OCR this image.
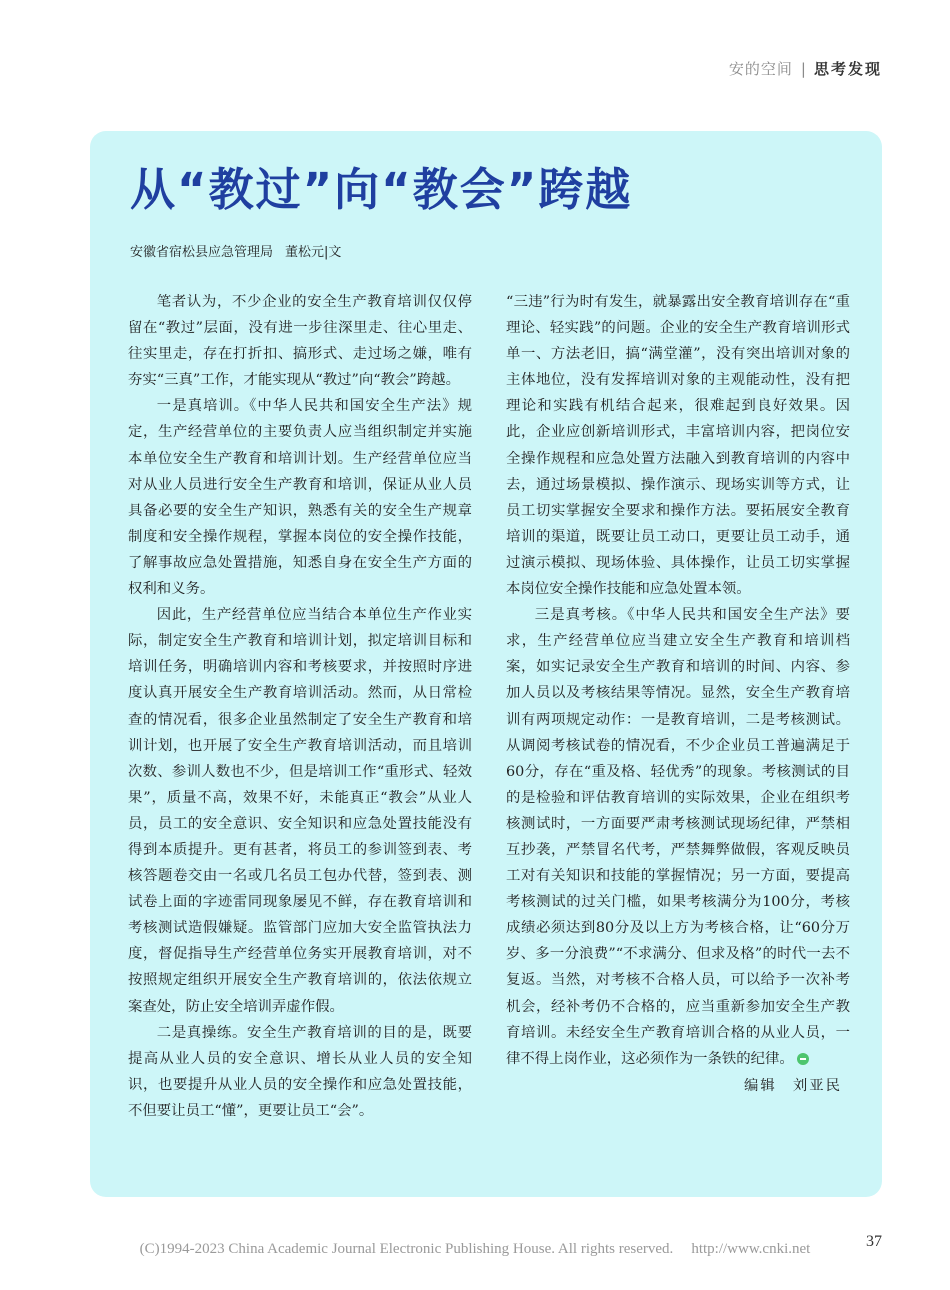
安的空间 | 思考发现
从“教过”向“教会”跨越
安徽省宿松县应急管理局 董松元|文

笔者认为，不少企业的安全生产教育培训仅仅停留在“教过”层面，没有进一步往深里走、往心里走、往实里走，存在打折扣、搞形式、走过场之嫌，唯有夯实“三真”工作，才能实现从“教过”向“教会”跨越。

一是真培训。《中华人民共和国安全生产法》规定，生产经营单位的主要负责人应当组织制定并实施本单位安全生产教育和培训计划。生产经营单位应当对从业人员进行安全生产教育和培训，保证从业人员具备必要的安全生产知识，熟悉有关的安全生产规章制度和安全操作规程，掌握本岗位的安全操作技能，了解事故应急处置措施，知悉自身在安全生产方面的权利和义务。

因此，生产经营单位应当结合本单位生产作业实际，制定安全生产教育和培训计划，拟定培训目标和培训任务，明确培训内容和考核要求，并按照时序进度认真开展安全生产教育培训活动。然而，从日常检查的情况看，很多企业虽然制定了安全生产教育和培训计划，也开展了安全生产教育培训活动，而且培训次数、参训人数也不少，但是培训工作“重形式、轻效果”，质量不高，效果不好，未能真正“教会”从业人员，员工的安全意识、安全知识和应急处置技能没有得到本质提升。更有甚者，将员工的参训签到表、考核答题卷交由一名或几名员工包办代替，签到表、测试卷上面的字迹雷同现象屡见不鲜，存在教育培训和考核测试造假嫌疑。监管部门应加大安全监管执法力度，督促指导生产经营单位务实开展教育培训，对不按照规定组织开展安全生产教育培训的，依法依规立案查处，防止安全培训弄虚作假。

二是真操练。安全生产教育培训的目的是，既要提高从业人员的安全意识、增长从业人员的安全知识，也要提升从业人员的安全操作和应急处置技能，不但要让员工“懂”，更要让员工“会”。

“三违”行为时有发生，就暴露出安全教育培训存在“重理论、轻实践”的问题。企业的安全生产教育培训形式单一、方法老旧，搞“满堂灌”，没有突出培训对象的主体地位，没有发挥培训对象的主观能动性，没有把理论和实践有机结合起来，很难起到良好效果。因此，企业应创新培训形式，丰富培训内容，把岗位安全操作规程和应急处置方法融入到教育培训的内容中去，通过场景模拟、操作演示、现场实训等方式，让员工切实掌握安全要求和操作方法。要拓展安全教育培训的渠道，既要让员工动口，更要让员工动手，通过演示模拟、现场体验、具体操作，让员工切实掌握本岗位安全操作技能和应急处置本领。

三是真考核。《中华人民共和国安全生产法》要求，生产经营单位应当建立安全生产教育和培训档案，如实记录安全生产教育和培训的时间、内容、参加人员以及考核结果等情况。显然，安全生产教育培训有两项规定动作：一是教育培训，二是考核测试。从调阅考核试卷的情况看，不少企业员工普遍满足于60分，存在“重及格、轻优秀”的现象。考核测试的目的是检验和评估教育培训的实际效果，企业在组织考核测试时，一方面要严肃考核测试现场纪律，严禁相互抄袭，严禁冒名代考，严禁舞弊做假，客观反映员工对有关知识和技能的掌握情况；另一方面，要提高考核测试的过关门槛，如果考核满分为100分，考核成绩必须达到80分及以上方为考核合格，让“60分万岁、多一分浪费”“不求满分、但求及格”的时代一去不复返。当然，对考核不合格人员，可以给予一次补考机会，经补考仍不合格的，应当重新参加安全生产教育培训。未经安全生产教育培训合格的从业人员，一律不得上岗作业，这必须作为一条铁的纪律。

编辑 刘亚民
(C)1994-2023 China Academic Journal Electronic Publishing House. All rights reserved. http://www.cnki.net	37
